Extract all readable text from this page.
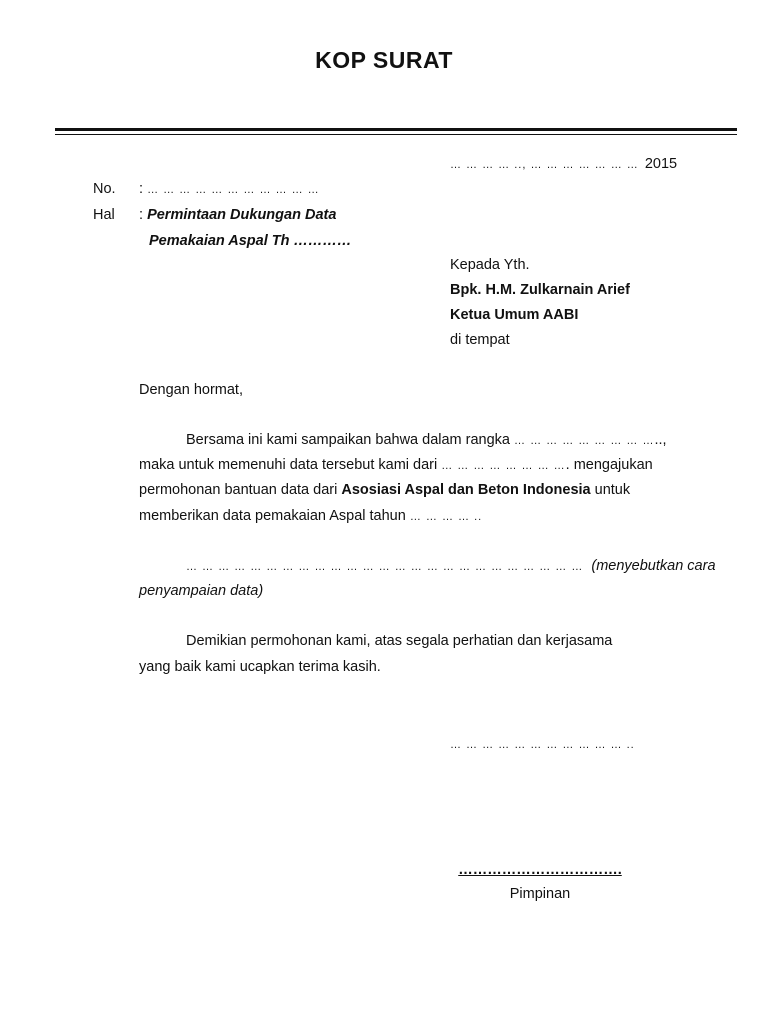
KOP SURAT
… … … … .., … … … … … … … 2015
No. : … … … … … … … … … … …
Hal : Permintaan Dukungan Data
Pemakaian Aspal Th …………
Kepada Yth.
Bpk. H.M. Zulkarnain Arief
Ketua Umum AABI
di tempat
Dengan hormat,
Bersama ini kami sampaikan bahwa dalam rangka … … … … … … … … …..,
maka untuk memenuhi data tersebut kami dari … … … … … … … …. mengajukan
permohonan bantuan data dari Asosiasi Aspal dan Beton Indonesia untuk
memberikan data pemakaian Aspal tahun … … … … ..
… … … … … … … … … … … … … … … … … … … … … … … … … (menyebutkan cara
penyampaian data)
Demikian permohonan kami, atas segala perhatian dan kerjasama
yang baik kami ucapkan terima kasih.
… … … … … … … … … … … ..
…………………………….
Pimpinan
